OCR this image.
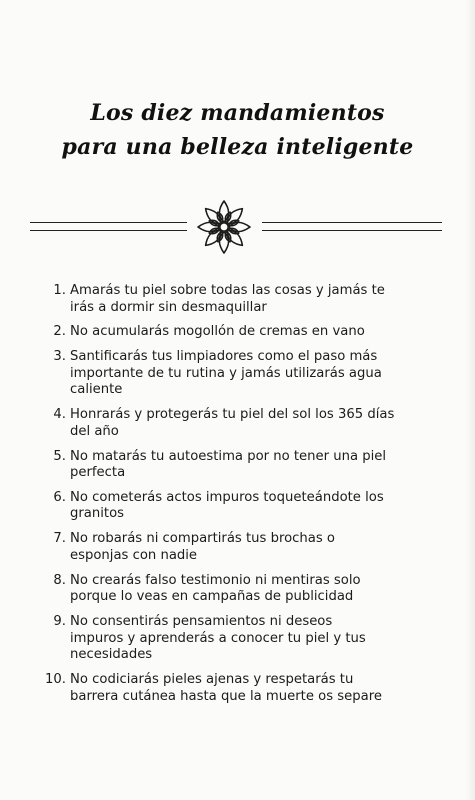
Los diez mandamientos
para una belleza inteligente
1. Amarás tu piel sobre todas las cosas y jamás te
irás a dormir sin desmaquillar
2. No acumularás mogollón de cremas en vano
3. Santificarás tus limpiadores como el paso más
importante de tu rutina y jamás utilizarás agua
caliente
4. Honrarás y protegerás tu piel del sol los 365 días
del año
5. No matarás tu autoestima por no tener una piel
perfecta
6. No cometerás actos impuros toqueteándote los
granitos
7. No robarás ni compartirás tus brochas o
esponjas con nadie
8. No crearás falso testimonio ni mentiras solo
porque lo veas en campañas de publicidad
9. No consentirás pensamientos ni deseos
impuros y aprenderás a conocer tu piel y tus
necesidades
10. No codiciarás pieles ajenas y respetarás tu
barrera cutánea hasta que la muerte os separe
